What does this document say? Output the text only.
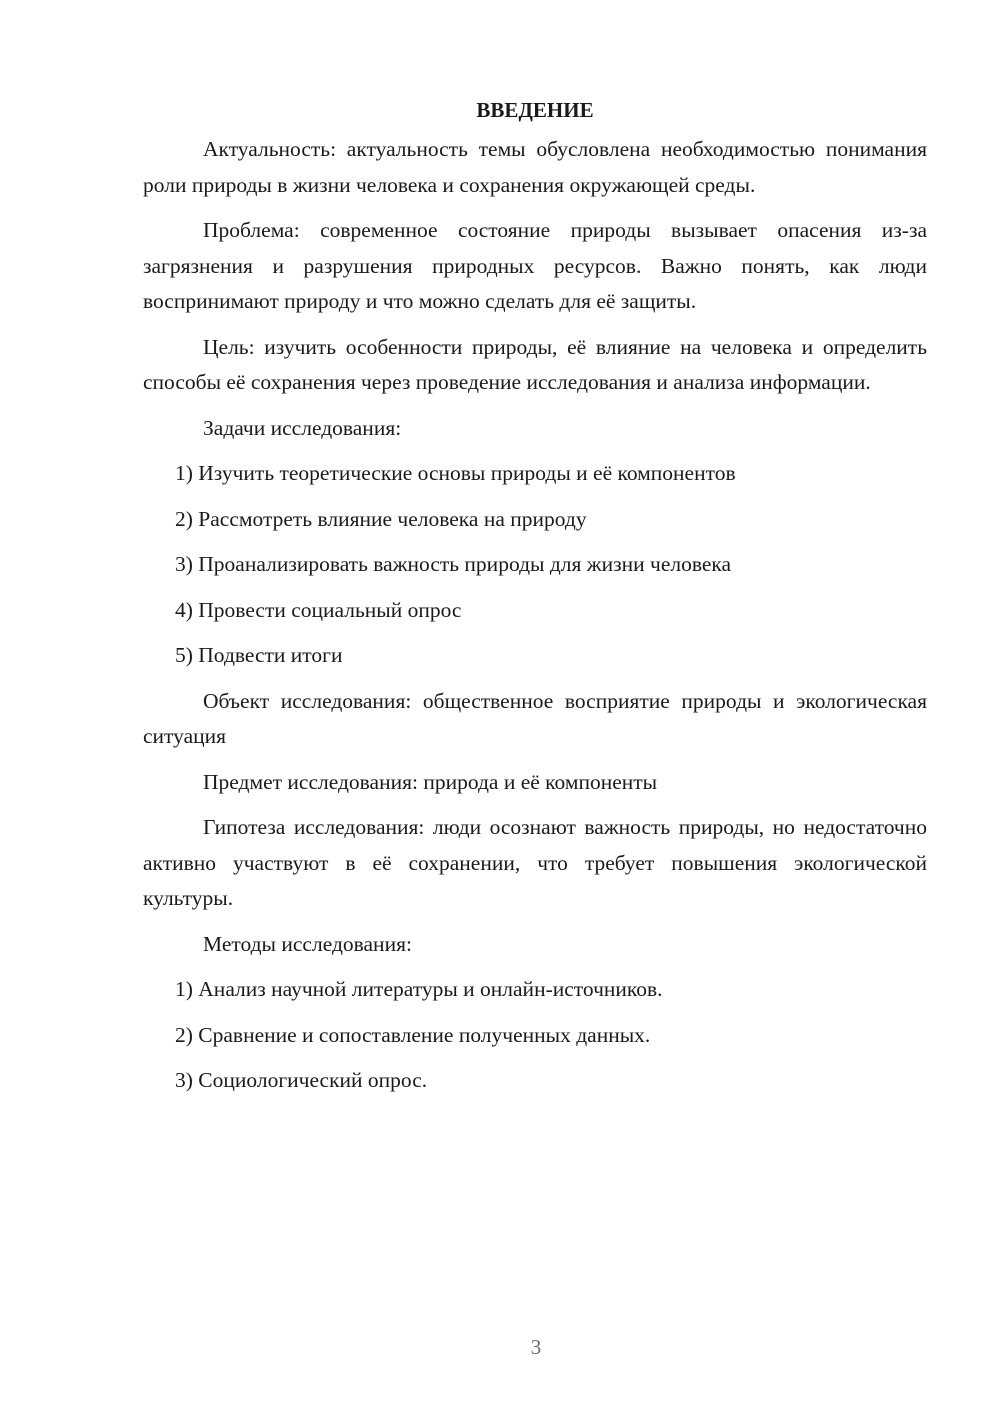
ВВЕДЕНИЕ

Актуальность: актуальность темы обусловлена необходимостью понимания роли природы в жизни человека и сохранения окружающей среды.

Проблема: современное состояние природы вызывает опасения из-за загрязнения и разрушения природных ресурсов. Важно понять, как люди воспринимают природу и что можно сделать для её защиты.

Цель: изучить особенности природы, её влияние на человека и определить способы её сохранения через проведение исследования и анализа информации.

Задачи исследования:

1) Изучить теоретические основы природы и её компонентов

2) Рассмотреть влияние человека на природу

3) Проанализировать важность природы для жизни человека

4) Провести социальный опрос

5) Подвести итоги

Объект исследования: общественное восприятие природы и экологическая ситуация

Предмет исследования: природа и её компоненты

Гипотеза исследования: люди осознают важность природы, но недостаточно активно участвуют в её сохранении, что требует повышения экологической культуры.

Методы исследования:

1) Анализ научной литературы и онлайн-источников.

2) Сравнение и сопоставление полученных данных.

3) Социологический опрос.

3
